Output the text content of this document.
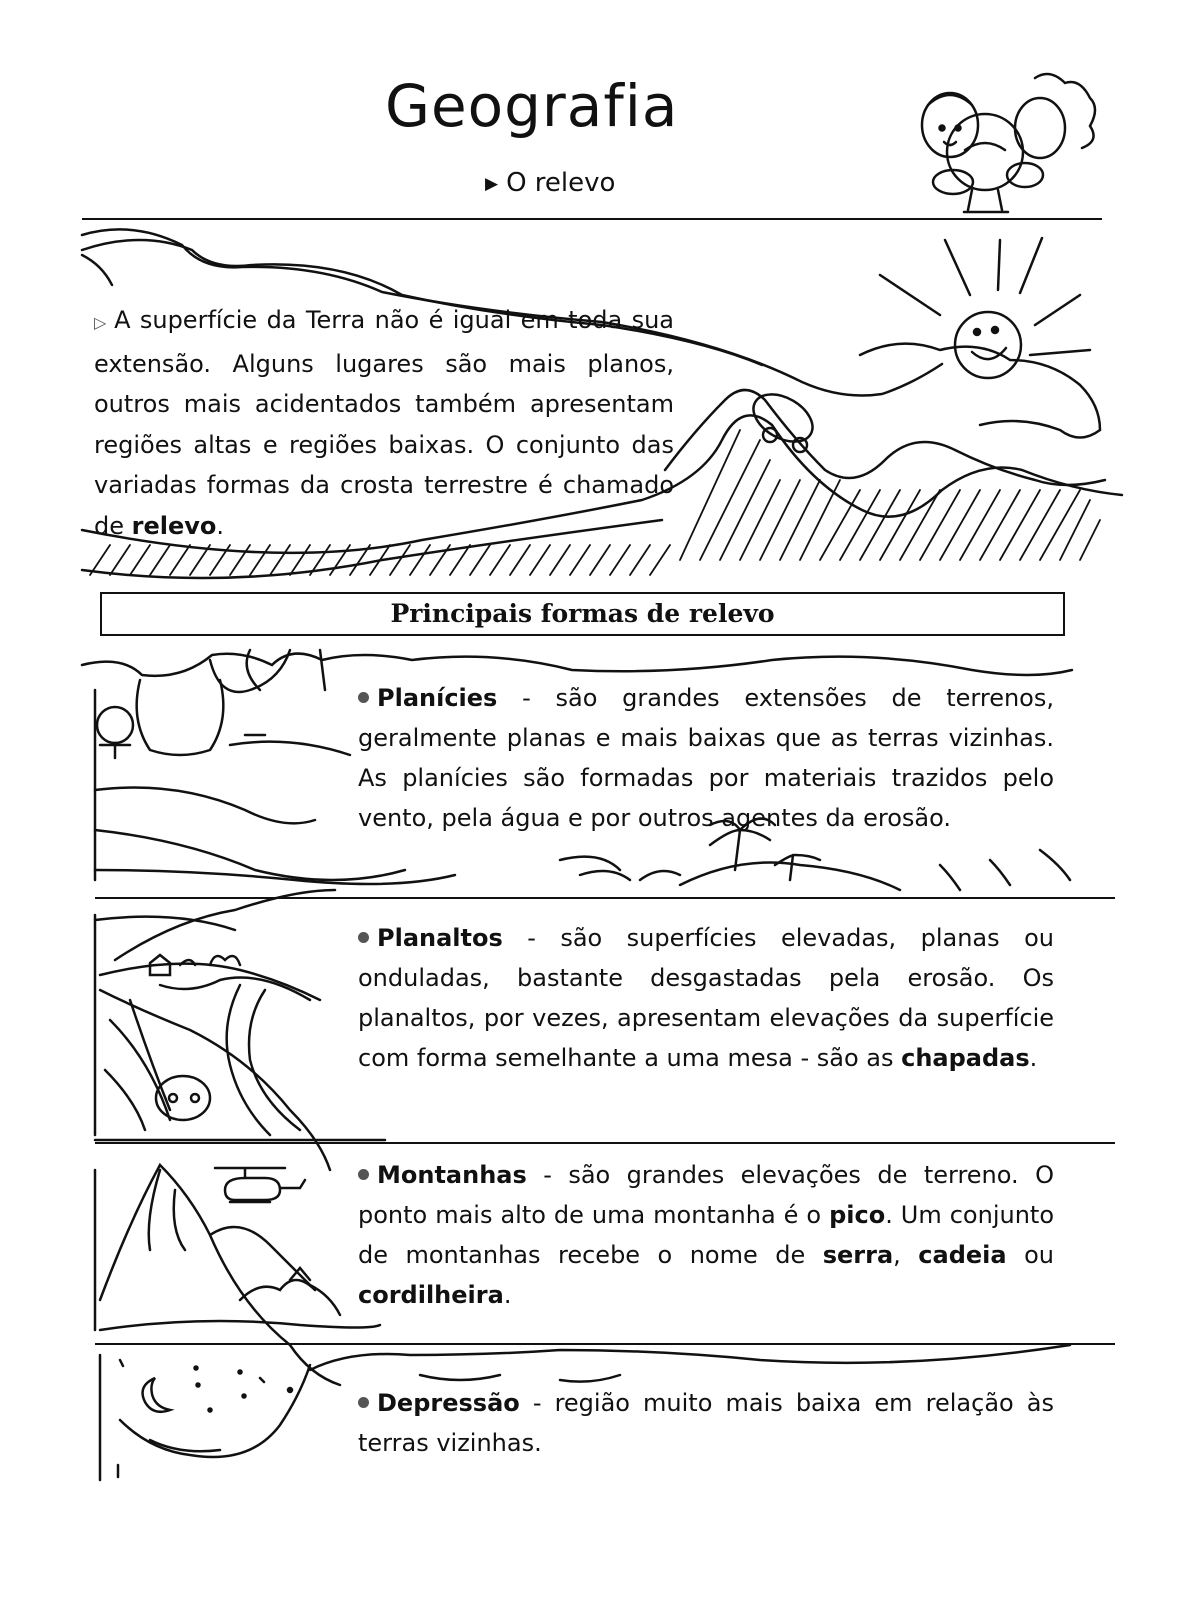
Geografia
▶ O relevo
▷ A superfície da Terra não é igual em toda sua extensão. Alguns lugares são mais planos, outros mais acidentados também apresentam regiões altas e regiões baixas. O conjunto das variadas formas da crosta terrestre é chamado de relevo.
Principais formas de relevo
Planícies - são grandes extensões de terrenos, geralmente planas e mais baixas que as terras vizinhas. As planícies são formadas por materiais trazidos pelo vento, pela água e por outros agentes da erosão.
Planaltos - são superfícies elevadas, planas ou onduladas, bastante desgastadas pela erosão. Os planaltos, por vezes, apresentam elevações da superfície com forma semelhante a uma mesa - são as chapadas.
Montanhas - são grandes elevações de terreno. O ponto mais alto de uma montanha é o pico. Um conjunto de montanhas recebe o nome de serra, cadeia ou cordilheira.
Depressão - região muito mais baixa em relação às terras vizinhas.
